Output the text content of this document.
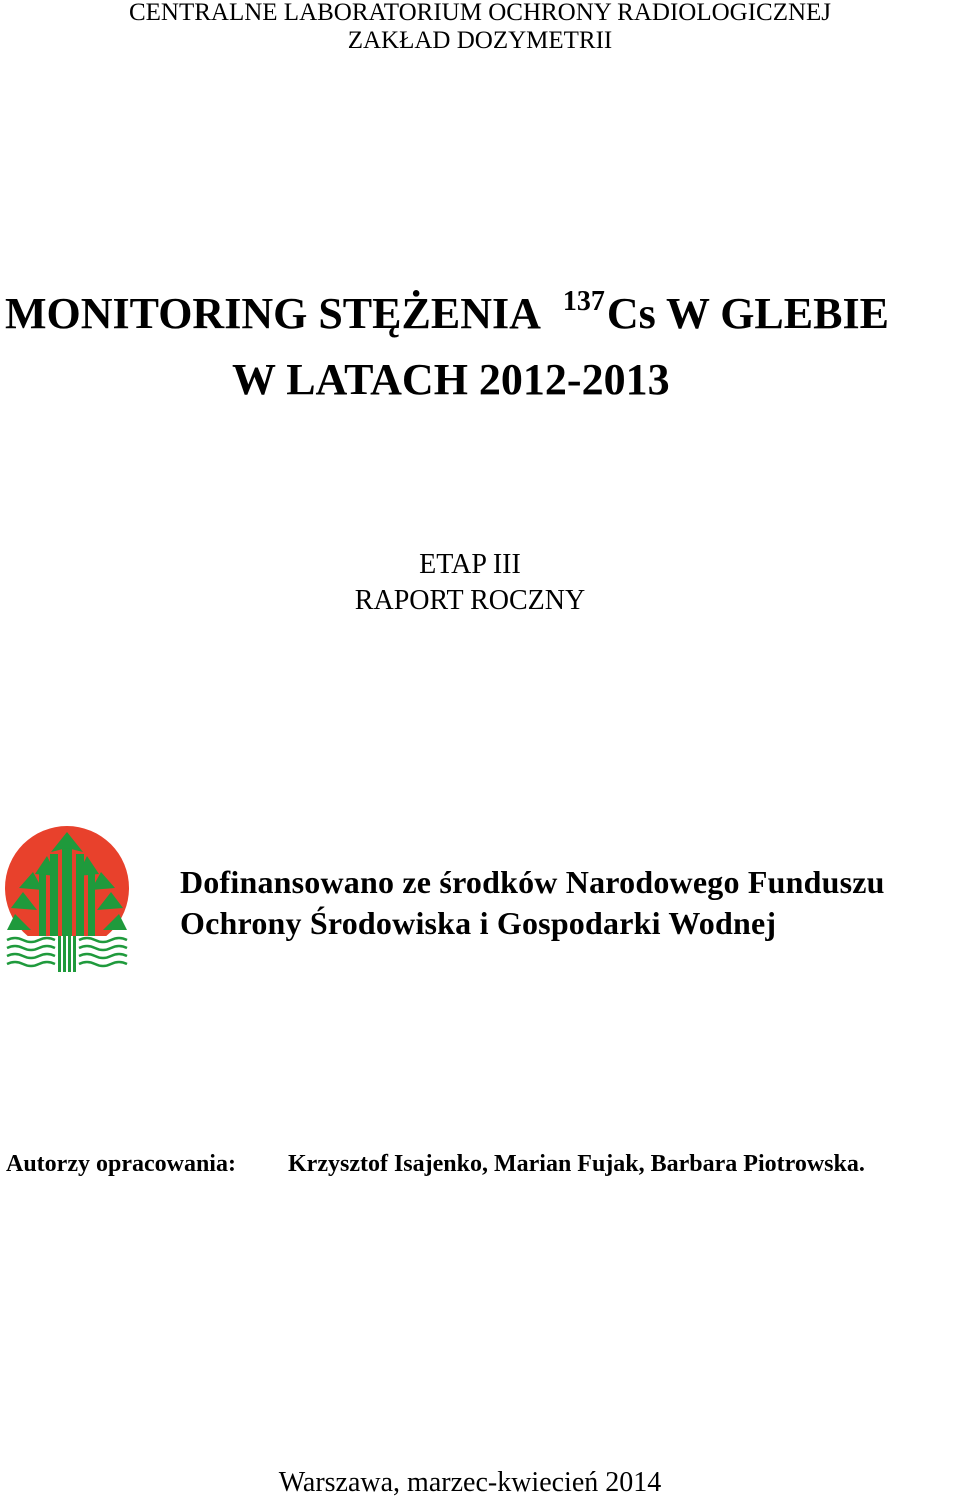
CENTRALNE LABORATORIUM OCHRONY RADIOLOGICZNEJ
ZAKŁAD DOZYMETRII
MONITORING STĘŻENIA $^{137}$Cs W GLEBIE
W LATACH 2012-2013
ETAP III
RAPORT ROCZNY
Dofinansowano ze środków Narodowego Funduszu
Ochrony Środowiska i Gospodarki Wodnej
Autorzy opracowania: Krzysztof Isajenko, Marian Fujak, Barbara Piotrowska.
Warszawa, marzec-kwiecień 2014
